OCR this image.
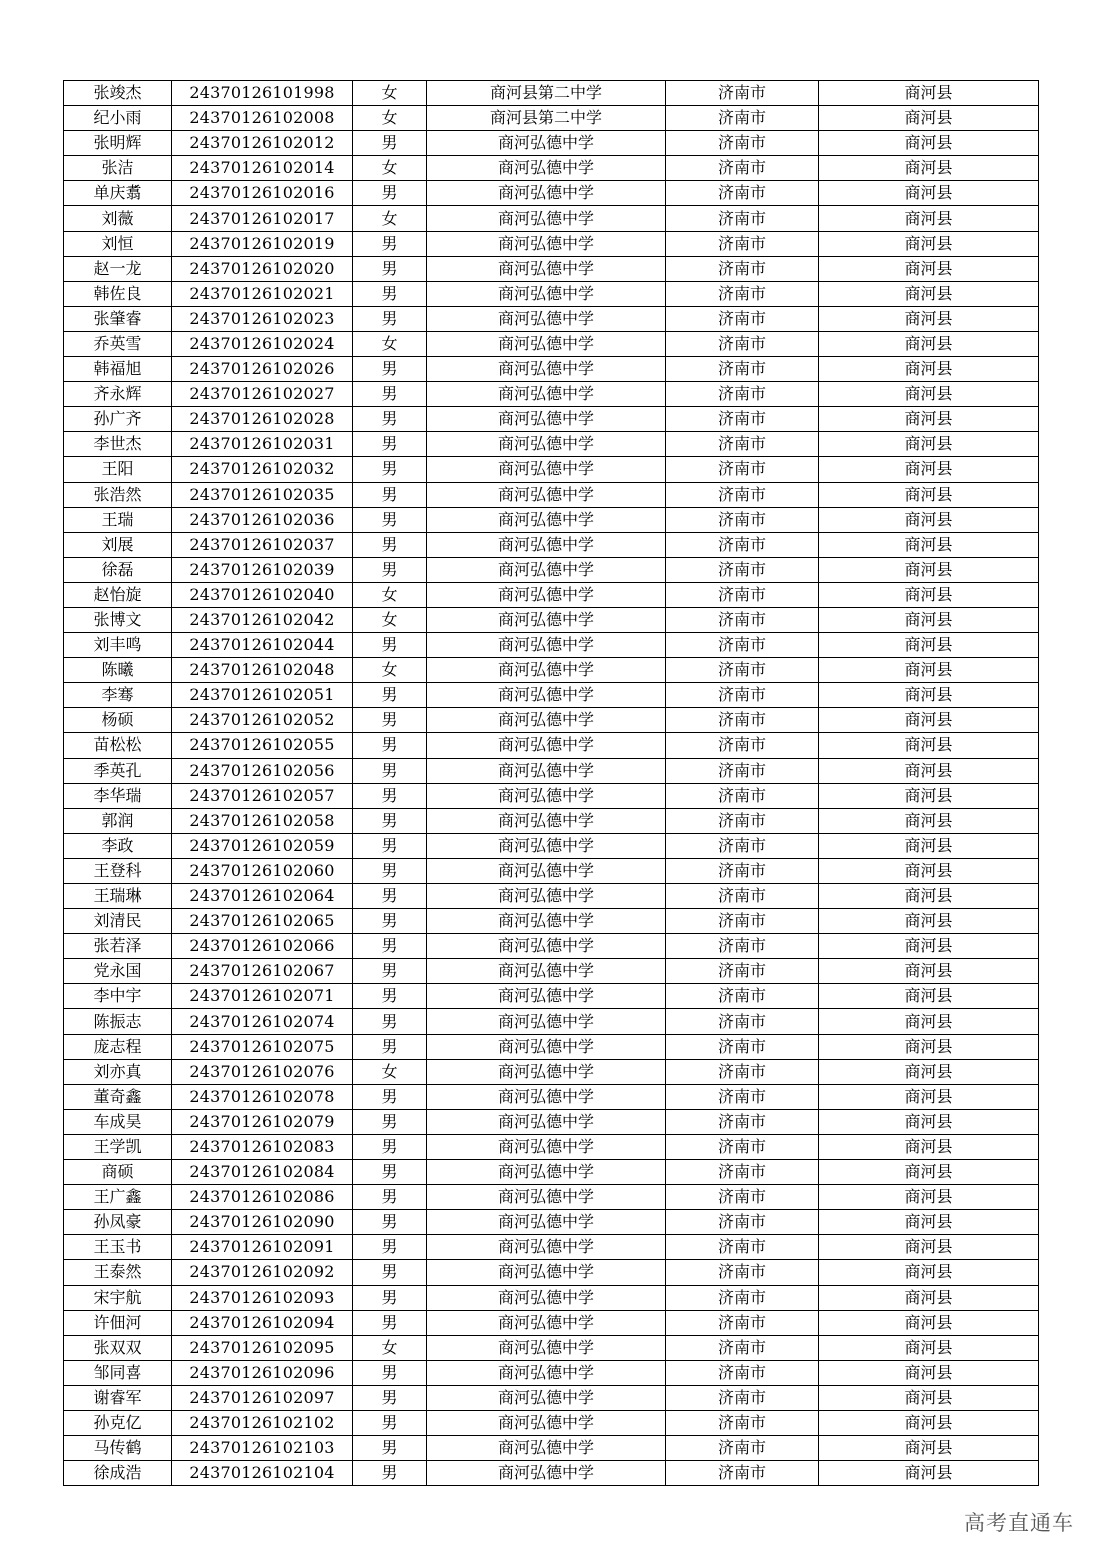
张竣杰	24370126101998	女	商河县第二中学	济南市	商河县
纪小雨	24370126102008	女	商河县第二中学	济南市	商河县
张明辉	24370126102012	男	商河弘德中学	济南市	商河县
张洁	24370126102014	女	商河弘德中学	济南市	商河县
单庆翥	24370126102016	男	商河弘德中学	济南市	商河县
刘薇	24370126102017	女	商河弘德中学	济南市	商河县
刘恒	24370126102019	男	商河弘德中学	济南市	商河县
赵一龙	24370126102020	男	商河弘德中学	济南市	商河县
韩佐良	24370126102021	男	商河弘德中学	济南市	商河县
张肇睿	24370126102023	男	商河弘德中学	济南市	商河县
乔英雪	24370126102024	女	商河弘德中学	济南市	商河县
韩福旭	24370126102026	男	商河弘德中学	济南市	商河县
齐永辉	24370126102027	男	商河弘德中学	济南市	商河县
孙广齐	24370126102028	男	商河弘德中学	济南市	商河县
李世杰	24370126102031	男	商河弘德中学	济南市	商河县
王阳	24370126102032	男	商河弘德中学	济南市	商河县
张浩然	24370126102035	男	商河弘德中学	济南市	商河县
王瑞	24370126102036	男	商河弘德中学	济南市	商河县
刘展	24370126102037	男	商河弘德中学	济南市	商河县
徐磊	24370126102039	男	商河弘德中学	济南市	商河县
赵怡旋	24370126102040	女	商河弘德中学	济南市	商河县
张博文	24370126102042	女	商河弘德中学	济南市	商河县
刘丰鸣	24370126102044	男	商河弘德中学	济南市	商河县
陈曦	24370126102048	女	商河弘德中学	济南市	商河县
李骞	24370126102051	男	商河弘德中学	济南市	商河县
杨硕	24370126102052	男	商河弘德中学	济南市	商河县
苗松松	24370126102055	男	商河弘德中学	济南市	商河县
季英孔	24370126102056	男	商河弘德中学	济南市	商河县
李华瑞	24370126102057	男	商河弘德中学	济南市	商河县
郭润	24370126102058	男	商河弘德中学	济南市	商河县
李政	24370126102059	男	商河弘德中学	济南市	商河县
王登科	24370126102060	男	商河弘德中学	济南市	商河县
王瑞琳	24370126102064	男	商河弘德中学	济南市	商河县
刘清民	24370126102065	男	商河弘德中学	济南市	商河县
张若泽	24370126102066	男	商河弘德中学	济南市	商河县
党永国	24370126102067	男	商河弘德中学	济南市	商河县
李中宇	24370126102071	男	商河弘德中学	济南市	商河县
陈振志	24370126102074	男	商河弘德中学	济南市	商河县
庞志程	24370126102075	男	商河弘德中学	济南市	商河县
刘亦真	24370126102076	女	商河弘德中学	济南市	商河县
董奇鑫	24370126102078	男	商河弘德中学	济南市	商河县
车成昊	24370126102079	男	商河弘德中学	济南市	商河县
王学凯	24370126102083	男	商河弘德中学	济南市	商河县
商硕	24370126102084	男	商河弘德中学	济南市	商河县
王广鑫	24370126102086	男	商河弘德中学	济南市	商河县
孙凤豪	24370126102090	男	商河弘德中学	济南市	商河县
王玉书	24370126102091	男	商河弘德中学	济南市	商河县
王泰然	24370126102092	男	商河弘德中学	济南市	商河县
宋宇航	24370126102093	男	商河弘德中学	济南市	商河县
许佃河	24370126102094	男	商河弘德中学	济南市	商河县
张双双	24370126102095	女	商河弘德中学	济南市	商河县
邹同喜	24370126102096	男	商河弘德中学	济南市	商河县
谢睿军	24370126102097	男	商河弘德中学	济南市	商河县
孙克亿	24370126102102	男	商河弘德中学	济南市	商河县
马传鹤	24370126102103	男	商河弘德中学	济南市	商河县
徐成浩	24370126102104	男	商河弘德中学	济南市	商河县
高考直通车
